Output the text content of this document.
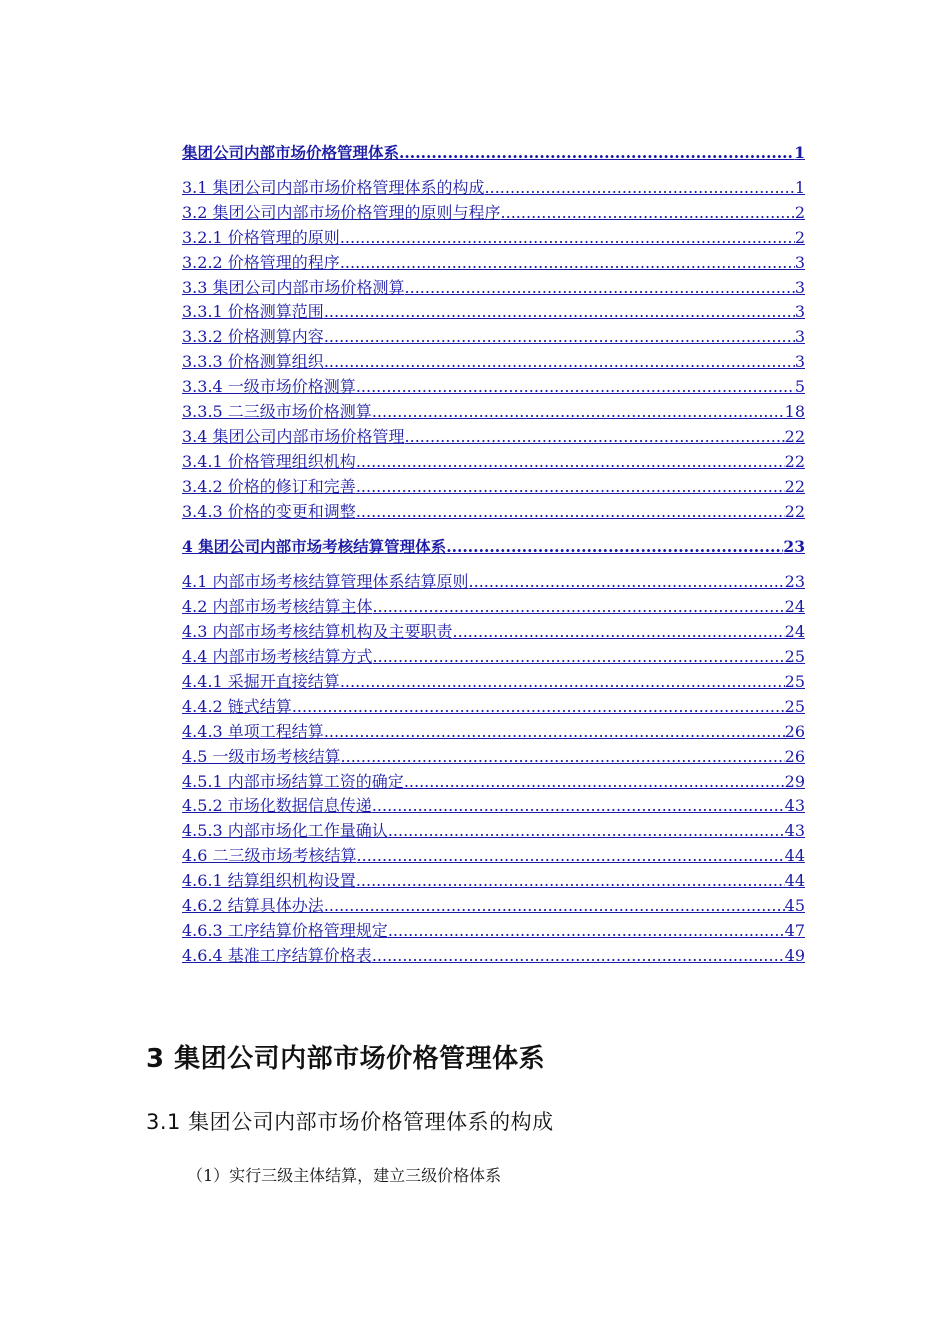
集团公司内部市场价格管理体系 .....	1
3.1 集团公司内部市场价格管理体系的构成 .....	1
3.2 集团公司内部市场价格管理的原则与程序 .....	2
3.2.1 价格管理的原则 .....	2
3.2.2 价格管理的程序 .....	3
3.3 集团公司内部市场价格测算 .....	3
3.3.1 价格测算范围 .....	3
3.3.2 价格测算内容 .....	3
3.3.3 价格测算组织 .....	3
3.3.4 一级市场价格测算 .....	5
3.3.5 二三级市场价格测算 .....	18
3.4 集团公司内部市场价格管理 .....	22
3.4.1 价格管理组织机构 .....	22
3.4.2 价格的修订和完善 .....	22
3.4.3 价格的变更和调整 .....	22
4 集团公司内部市场考核结算管理体系 .....	23
4.1 内部市场考核结算管理体系结算原则 .....	23
4.2 内部市场考核结算主体 .....	24
4.3 内部市场考核结算机构及主要职责 .....	24
4.4 内部市场考核结算方式 .....	25
4.4.1 采掘开直接结算 .....	25
4.4.2 链式结算 .....	25
4.4.3 单项工程结算 .....	26
4.5 一级市场考核结算 .....	26
4.5.1 内部市场结算工资的确定 .....	29
4.5.2 市场化数据信息传递 .....	43
4.5.3 内部市场化工作量确认 .....	43
4.6 二三级市场考核结算 .....	44
4.6.1 结算组织机构设置 .....	44
4.6.2 结算具体办法 .....	45
4.6.3 工序结算价格管理规定 .....	47
4.6.4 基准工序结算价格表 .....	49
3 集团公司内部市场价格管理体系
3.1 集团公司内部市场价格管理体系的构成

（1）实行三级主体结算，建立三级价格体系
